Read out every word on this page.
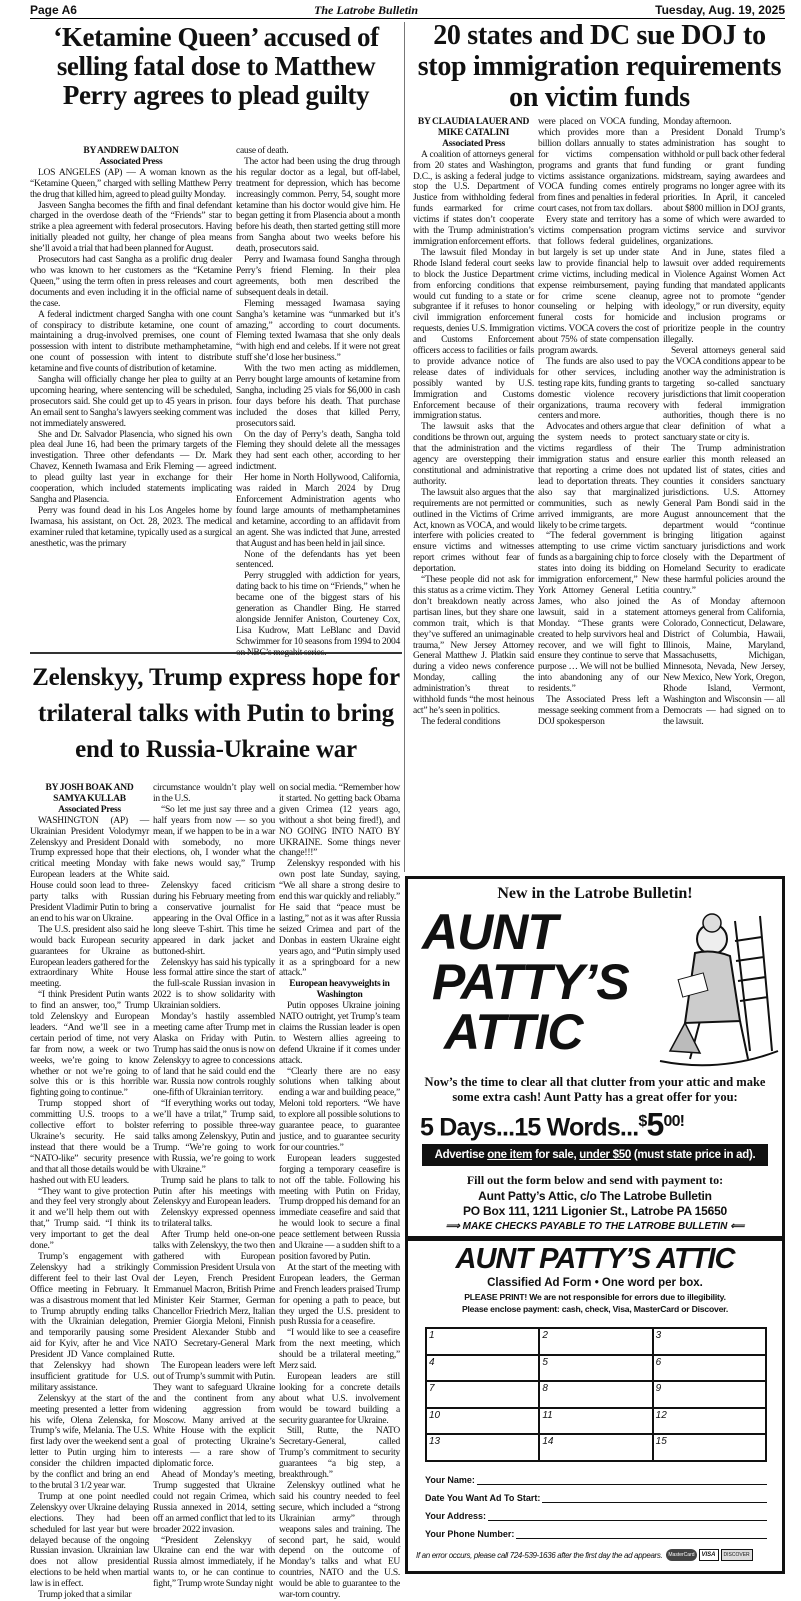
Page A6	The Latrobe Bulletin	Tuesday, Aug. 19, 2025
‘Ketamine Queen’ accused of selling fatal dose to Matthew Perry agrees to plead guilty
20 states and DC sue DOJ to stop immigration requirements on victim funds
BY ANDREW DALTON
Associated Press

LOS ANGELES (AP) — A woman known as the “Ketamine Queen,” charged with selling Matthew Perry the drug that killed him, agreed to plead guilty Monday.

Jasveen Sangha becomes the fifth and final defendant charged in the overdose death of the “Friends” star to strike a plea agreement with federal prosecutors. Having initially pleaded not guilty, her change of plea means she’ll avoid a trial that had been planned for August.

Prosecutors had cast Sangha as a prolific drug dealer who was known to her customers as the “Ketamine Queen,” using the term often in press releases and court documents and even including it in the official name of the case.

A federal indictment charged Sangha with one count of conspiracy to distribute ketamine, one count of maintaining a drug-involved premises, one count of possession with intent to distribute methamphetamine, one count of possession with intent to distribute ketamine and five counts of distribution of ketamine.

Sangha will officially change her plea to guilty at an upcoming hearing, where sentencing will be scheduled, prosecutors said. She could get up to 45 years in prison. An email sent to Sangha’s lawyers seeking comment was not immediately answered.

She and Dr. Salvador Plasencia, who signed his own plea deal June 16, had been the primary targets of the investigation. Three other defendants — Dr. Mark Chavez, Kenneth Iwamasa and Erik Fleming — agreed to plead guilty last year in exchange for their cooperation, which included statements implicating Sangha and Plasencia.

Perry was found dead in his Los Angeles home by Iwamasa, his assistant, on Oct. 28, 2023. The medical examiner ruled that ketamine, typically used as a surgical anesthetic, was the primary

cause of death.

The actor had been using the drug through his regular doctor as a legal, but off-label, treatment for depression, which has become increasingly common. Perry, 54, sought more ketamine than his doctor would give him. He began getting it from Plasencia about a month before his death, then started getting still more from Sangha about two weeks before his death, prosecutors said.

Perry and Iwamasa found Sangha through Perry’s friend Fleming. In their plea agreements, both men described the subsequent deals in detail.

Fleming messaged Iwamasa saying Sangha’s ketamine was “unmarked but it’s amazing,” according to court documents. Fleming texted Iwamasa that she only deals “with high end and celebs. If it were not great stuff she’d lose her business.”

With the two men acting as middlemen, Perry bought large amounts of ketamine from Sangha, including 25 vials for $6,000 in cash four days before his death. That purchase included the doses that killed Perry, prosecutors said.

On the day of Perry’s death, Sangha told Fleming they should delete all the messages they had sent each other, according to her indictment.

Her home in North Hollywood, California, was raided in March 2024 by Drug Enforcement Administration agents who found large amounts of methamphetamines and ketamine, according to an affidavit from an agent. She was indicted that June, arrested that August and has been held in jail since.

None of the defendants has yet been sentenced.

Perry struggled with addiction for years, dating back to his time on “Friends,” when he became one of the biggest stars of his generation as Chandler Bing. He starred alongside Jennifer Aniston, Courteney Cox, Lisa Kudrow, Matt LeBlanc and David Schwimmer for 10 seasons from 1994 to 2004

BY CLAUDIA LAUER AND MIKE CATALINI
Associated Press

A coalition of attorneys general from 20 states and Washington, D.C., is asking a federal judge to stop the U.S. Department of Justice from withholding federal funds earmarked for crime victims if states don’t cooperate with the Trump administration’s immigration enforcement efforts.

The lawsuit filed Monday in Rhode Island federal court seeks to block the Justice Department from enforcing conditions that would cut funding to a state or subgrantee if it refuses to honor civil immigration enforcement requests, denies U.S. Immigration and Customs Enforcement officers access to facilities or fails to provide advance notice of release dates of individuals possibly wanted by U.S. Immigration and Customs Enforcement because of their immigration status.

The lawsuit asks that the conditions be thrown out, arguing that the administration and the agency are overstepping their constitutional and administrative authority.

The lawsuit also argues that the requirements are not permitted or outlined in the Victims of Crime Act, known as VOCA, and would interfere with policies created to ensure victims and witnesses report crimes without fear of deportation.

“These people did not ask for this status as a crime victim. They don’t breakdown neatly across partisan lines, but they share one common trait, which is that they’ve suffered an unimaginable trauma,” New Jersey Attorney General Matthew J. Platkin said during a video news conference Monday, calling the administration’s threat to withhold funds “the most heinous act” he’s seen in politics.

The federal conditions

were placed on VOCA funding, which provides more than a billion dollars annually to states for victims compensation programs and grants that fund victims assistance organizations. VOCA funding comes entirely from fines and penalties in federal court cases, not from tax dollars.

Every state and territory has a victims compensation program that follows federal guidelines, but largely is set up under state law to provide financial help to crime victims, including medical expense reimbursement, paying for crime scene cleanup, counseling or helping with funeral costs for homicide victims. VOCA covers the cost of about 75% of state compensation program awards.

The funds are also used to pay for other services, including testing rape kits, funding grants to domestic violence recovery organizations, trauma recovery centers and more.

Advocates and others argue that the system needs to protect victims regardless of their immigration status and ensure that reporting a crime does not lead to deportation threats. They also say that marginalized communities, such as newly arrived immigrants, are more likely to be crime targets.

“The federal government is attempting to use crime victim funds as a bargaining chip to force states into doing its bidding on immigration enforcement,” New York Attorney General Letitia James, who also joined the lawsuit, said in a statement Monday. “These grants were created to help survivors heal and recover, and we will fight to ensure they continue to serve that purpose … We will not be bullied into abandoning any of our residents.”

The Associated Press left a message seeking comment from a DOJ spokesperson

Monday afternoon.

President Donald Trump’s administration has sought to withhold or pull back other federal funding or grant funding midstream, saying awardees and programs no longer agree with its priorities. In April, it canceled about $800 million in DOJ grants, some of which were awarded to victims service and survivor organizations.

And in June, states filed a lawsuit over added requirements in Violence Against Women Act funding that mandated applicants agree not to promote “gender ideology,” or run diversity, equity and inclusion programs or prioritize people in the country illegally.

Several attorneys general said the VOCA conditions appear to be another way the administration is targeting so-called sanctuary jurisdictions that limit cooperation with federal immigration authorities, though there is no clear definition of what a sanctuary state or city is.

The Trump administration earlier this month released an updated list of states, cities and counties it considers sanctuary jurisdictions. U.S. Attorney General Pam Bondi said in the August announcement that the department would “continue bringing litigation against sanctuary jurisdictions and work closely with the Department of Homeland Security to eradicate these harmful policies around the country.”

As of Monday afternoon attorneys general from California, Colorado, Connecticut, Delaware, District of Columbia, Hawaii, Illinois, Maine, Maryland, Massachusetts, Michigan, Minnesota, Nevada, New Jersey, New Mexico, New York, Oregon, Rhode Island, Vermont, Washington and Wisconsin — all Democrats — had signed on to the lawsuit.

Zelenskyy, Trump express hope for trilateral talks with Putin to bring end to Russia-Ukraine war
BY JOSH BOAK AND SAMYA KULLAB
Associated Press

WASHINGTON (AP) — Ukrainian President Volodymyr Zelenskyy and President Donald Trump expressed hope that their critical meeting Monday with European leaders at the White House could soon lead to three-party talks with Russian President Vladimir Putin to bring an end to his war on Ukraine.

The U.S. president also said he would back European security guarantees for Ukraine as European leaders gathered for the extraordinary White House meeting.

“I think President Putin wants to find an answer, too,” Trump told Zelenskyy and European leaders. “And we’ll see in a certain period of time, not very far from now, a week or two weeks, we’re going to know whether or not we’re going to solve this or is this horrible fighting going to continue.”

Trump stopped short of committing U.S. troops to a collective effort to bolster Ukraine’s security. He said instead that there would be a “NATO-like” security presence and that all those details would be hashed out with EU leaders.

“They want to give protection and they feel very strongly about it and we’ll help them out with that,” Trump said. “I think its very important to get the deal done.”

Trump’s engagement with Zelenskyy had a strikingly different feel to their last Oval Office meeting in February. It was a disastrous moment that led to Trump abruptly ending talks with the Ukrainian delegation, and temporarily pausing some aid for Kyiv, after he and Vice President JD Vance complained that Zelenskyy had shown insufficient gratitude for U.S. military assistance.

Zelenskyy at the start of the meeting presented a letter from his wife, Olena Zelenska, for Trump’s wife, Melania. The U.S. first lady over the weekend sent a letter to Putin urging him to consider the children impacted by the conflict and bring an end to the brutal 3 1/2 year war.

Trump at one point needled Zelenskyy over Ukraine delaying elections. They had been scheduled for last year but were delayed because of the ongoing Russian invasion. Ukrainian law does not allow presidential elections to be held when martial law is in effect.

Trump joked that a similar

circumstance wouldn’t play well in the U.S.

“So let me just say three and a half years from now — so you mean, if we happen to be in a war with somebody, no more elections, oh, I wonder what the fake news would say,” Trump said.

Zelenskyy faced criticism during his February meeting from a conservative journalist for appearing in the Oval Office in a long sleeve T-shirt. This time he appeared in dark jacket and buttoned-shirt.

Zelenskyy has said his typically less formal attire since the start of the full-scale Russian invasion in 2022 is to show solidarity with Ukrainian soldiers.

Monday’s hastily assembled meeting came after Trump met in Alaska on Friday with Putin. Trump has said the onus is now on Zelenskyy to agree to concessions of land that he said could end the war. Russia now controls roughly one-fifth of Ukrainian territory.

“If everything works out today, we’ll have a trilat,” Trump said, referring to possible three-way talks among Zelenskyy, Putin and Trump. “We’re going to work with Russia, we’re going to work with Ukraine.”

Trump said he plans to talk to Putin after his meetings with Zelenskyy and European leaders.

Zelenskyy expressed openness to trilateral talks.

After Trump held one-on-one talks with Zelenskyy, the two then gathered with European Commission President Ursula von der Leyen, French President Emmanuel Macron, British Prime Minister Keir Starmer, German Chancellor Friedrich Merz, Italian Premier Giorgia Meloni, Finnish President Alexander Stubb and NATO Secretary-General Mark Rutte.

The European leaders were left out of Trump’s summit with Putin. They want to safeguard Ukraine and the continent from any widening aggression from Moscow. Many arrived at the White House with the explicit goal of protecting Ukraine’s interests — a rare show of diplomatic force.

Ahead of Monday’s meeting, Trump suggested that Ukraine could not regain Crimea, which Russia annexed in 2014, setting off an armed conflict that led to its broader 2022 invasion.

“President Zelenskyy of Ukraine can end the war with Russia almost immediately, if he wants to, or he can continue to fight,” Trump wrote Sunday night

on social media. “Remember how it started. No getting back Obama given Crimea (12 years ago, without a shot being fired!), and NO GOING INTO NATO BY UKRAINE. Some things never change!!!”

Zelenskyy responded with his own post late Sunday, saying, “We all share a strong desire to end this war quickly and reliably.” He said that “peace must be lasting,” not as it was after Russia seized Crimea and part of the Donbas in eastern Ukraine eight years ago, and “Putin simply used it as a springboard for a new attack.”

European heavyweights in Washington

Putin opposes Ukraine joining NATO outright, yet Trump’s team claims the Russian leader is open to Western allies agreeing to defend Ukraine if it comes under attack.

“Clearly there are no easy solutions when talking about ending a war and building peace,” Meloni told reporters. “We have to explore all possible solutions to guarantee peace, to guarantee justice, and to guarantee security for our countries.”

European leaders suggested forging a temporary ceasefire is not off the table. Following his meeting with Putin on Friday, Trump dropped his demand for an immediate ceasefire and said that he would look to secure a final peace settlement between Russia and Ukraine — a sudden shift to a position favored by Putin.

At the start of the meeting with European leaders, the German and French leaders praised Trump for opening a path to peace, but they urged the U.S. president to push Russia for a ceasefire.

“I would like to see a ceasefire from the next meeting, which should be a trilateral meeting,” Merz said.

European leaders are still looking for a concrete details about what U.S. involvement would be toward building a security guarantee for Ukraine.

Still, Rutte, the NATO Secretary-General, called Trump’s commitment to security guarantees “a big step, a breakthrough.”

Zelenskyy outlined what he said his country needed to feel secure, which included a “strong Ukrainian army” through weapons sales and training. The second part, he said, would depend on the outcome of Monday’s talks and what EU countries, NATO and the U.S. would be able to guarantee to the war-torn country.

New in the Latrobe Bulletin!
AUNT
PATTY’S
ATTIC
Now’s the time to clear all that clutter from your attic and make some extra cash! Aunt Patty has a great offer for you:
5 Days...15 $Words...^{\$}5^{00!}$
Advertise one item for sale, under $50 (must state price in ad).
Fill out the form below and send with payment to:
Aunt Patty’s Attic, c/o The Latrobe Bulletin
PO Box 111, 1211 Ligonier St., Latrobe PA 15650
⟹ MAKE CHECKS PAYABLE TO THE LATROBE BULLETIN ⟸
AUNT PATTY’S ATTIC
Classified Ad Form • One word per box.
PLEASE PRINT! We are not responsible for errors due to illegibility.
Please enclose payment: cash, check, Visa, MasterCard or Discover.
1	2	3
4	5	6
7	8	9
10	11	12
13	14	15
Your Name:
Date You Want Ad To Start:
Your Address:
Your Phone Number:
If an error occurs, please call 724-539-1636 after the first day the ad appears.	MasterCard	VISA	DISCOVER
